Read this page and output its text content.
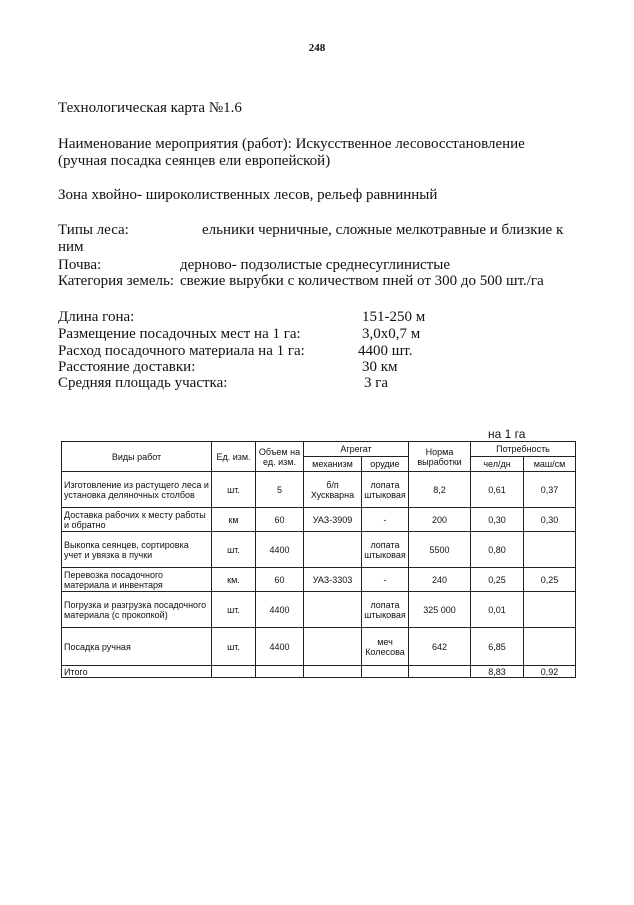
248
Технологическая карта №1.6
Наименование мероприятия (работ): Искусственное лесовосстановление
(ручная посадка сеянцев ели европейской)
Зона хвойно- широколиственных лесов, рельеф равнинный
Типы леса:	ельники черничные, сложные мелкотравные и близкие к
ним
Почва:	дерново- подзолистые среднесуглинистые
Категория земель: свежие вырубки с количеством пней от 300 до 500 шт./га
Длина гона:	151-250 м
Размещение посадочных мест на 1 га:	3,0х0,7 м
Расход посадочного материала на 1 га:	4400 шт.
Расстояние доставки:	30 км
Средняя площадь участка:	3 га
на 1 га
Виды работ	Ед. изм.	Объем на ед. изм.	Агрегат		Норма выработки	Потребность	
			механизм	орудие		чел/дн	маш/см
Изготовление из растущего леса и установка деляночных столбов	шт.	5	б/п Хускварна	лопата штыковая	8,2	0,61	0,37
Доставка рабочих к месту работы и обратно	км	60	УАЗ-3909	-	200	0,30	0,30
Выкопка сеянцев, сортировка учет и увязка в пучки	шт.	4400		лопата штыковая	5500	0,80	
Перевозка посадочного материала и инвентаря	км.	60	УАЗ-3303	-	240	0,25	0,25
Погрузка и разгрузка посадочного материала (с прокопкой)	шт.	4400		лопата штыковая	325 000	0,01	
Посадка ручная	шт.	4400		меч Колесова	642	6,85	
Итого						8,83	0,92
